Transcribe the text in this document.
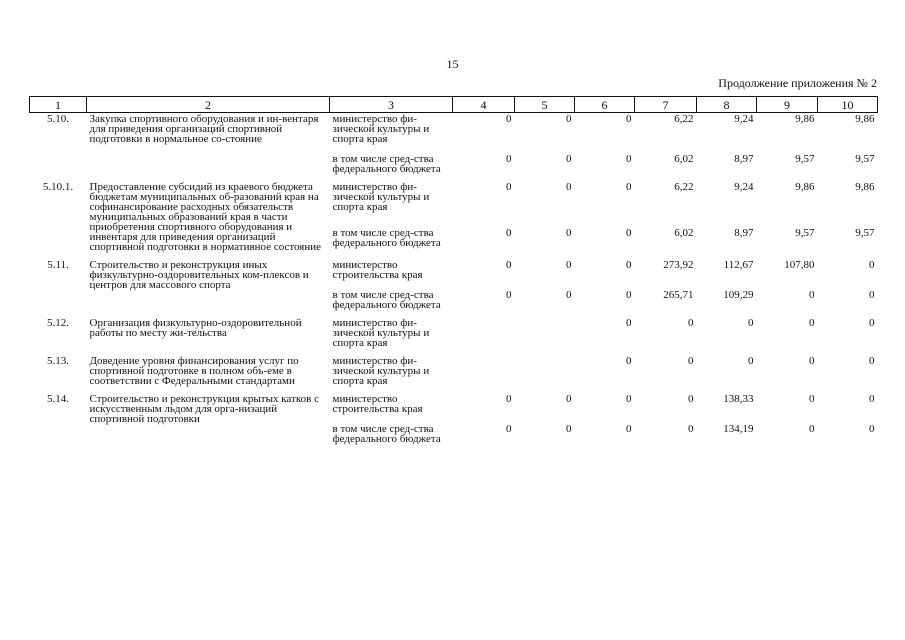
15
Продолжение приложения № 2
1	2	3	4	5	6	7	8	9	10
5.10.	Закупка спортивного оборудования и ин-вентаря для приведения организаций спортивной подготовки в нормальное со-стояние	министерство фи-зической культуры и спорта края	0	0	0	6,22	9,24	9,86	9,86
		в том числе сред-ства федерального бюджета	0	0	0	6,02	8,97	9,57	9,57
5.10.1.	Предоставление субсидий из краевого бюджета бюджетам муниципальных об-разований края на софинансирование расходных обязательств муниципальных образований края в части приобретения спортивного оборудования и инвентаря для приведения организаций спортивной подготовки в нормативное состояние	министерство фи-зической культуры и спорта края	0	0	0	6,22	9,24	9,86	9,86
		в том числе сред-ства федерального бюджета	0	0	0	6,02	8,97	9,57	9,57
5.11.	Строительство и реконструкция иных физкультурно-оздоровительных ком-плексов и центров для массового спорта	министерство строительства края	0	0	0	273,92	112,67	107,80	0
		в том числе сред-ства федерального бюджета	0	0	0	265,71	109,29	0	0
5.12.	Организация физкультурно-оздоровительной работы по месту жи-тельства	министерство фи-зической культуры и спорта края			0	0	0	0	0
5.13.	Доведение уровня финансирования услуг по спортивной подготовке в полном объ-еме в соответствии с Федеральными стандартами	министерство фи-зической культуры и спорта края			0	0	0	0	0
5.14.	Строительство и реконструкция крытых катков с искусственным льдом для орга-низаций спортивной подготовки	министерство строительства края	0	0	0	0	138,33	0	0
		в том числе сред-ства федерального бюджета	0	0	0	0	134,19	0	0
